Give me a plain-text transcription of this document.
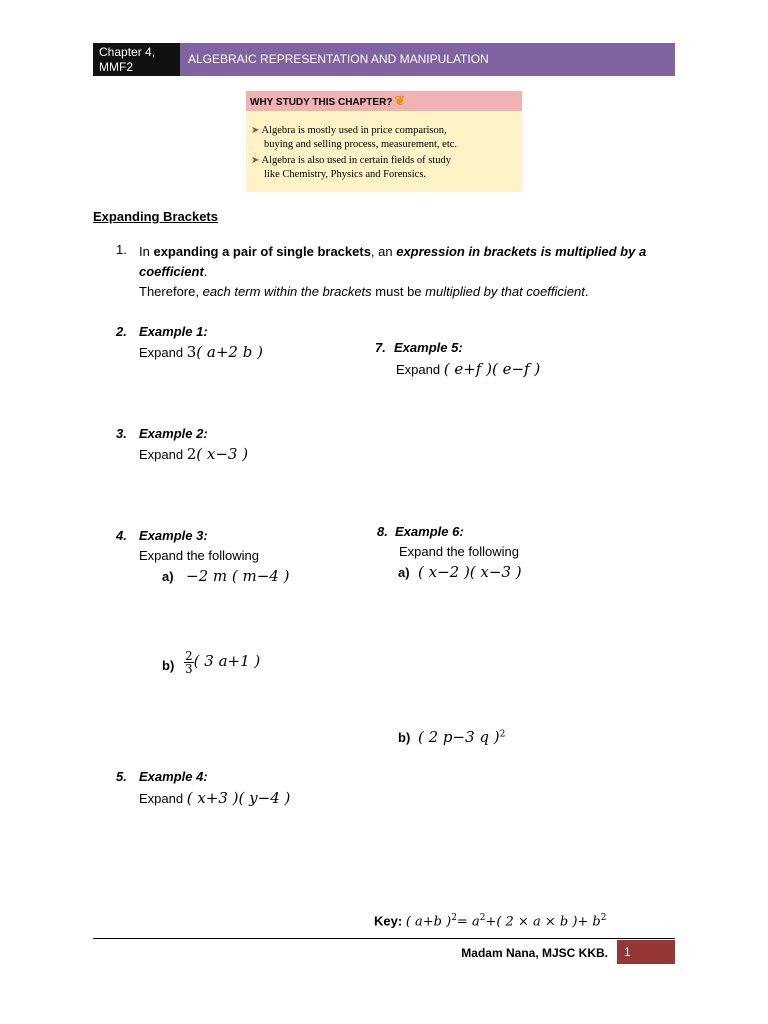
Chapter 4,
MMF2
ALGEBRAIC REPRESENTATION AND MANIPULATION
WHY STUDY THIS CHAPTER? ❦
➤ Algebra is mostly used in price comparison,
buying and selling process, measurement, etc.
➤ Algebra is also used in certain fields of study
like Chemistry, Physics and Forensics.
Expanding Brackets
1. In expanding a pair of single brackets, an expression in brackets is multiplied by a
coefficient.
Therefore, each term within the brackets must be multiplied by that coefficient.
2. Example 1:
Expand 3( a+2 b )	7. Example 5:
Expand ( e+f )( e−f )
3. Example 2:
Expand 2( x−3 )
4. Example 3:
Expand the following
a) −2 m ( m−4 )
$b) \frac{2}{3}$ ( 3 a+1 )
8. Example 6:
Expand the following
a) ( x−2 )( x−3 )
b) ( 2 p−3 q )$^2$
5. Example 4:
Expand ( x+3 )( y−4 )
Key: ( a+b )$^2= a^2+$( 2 × a × b )+ $b^2$
Madam Nana, MJSC KKB.	1
